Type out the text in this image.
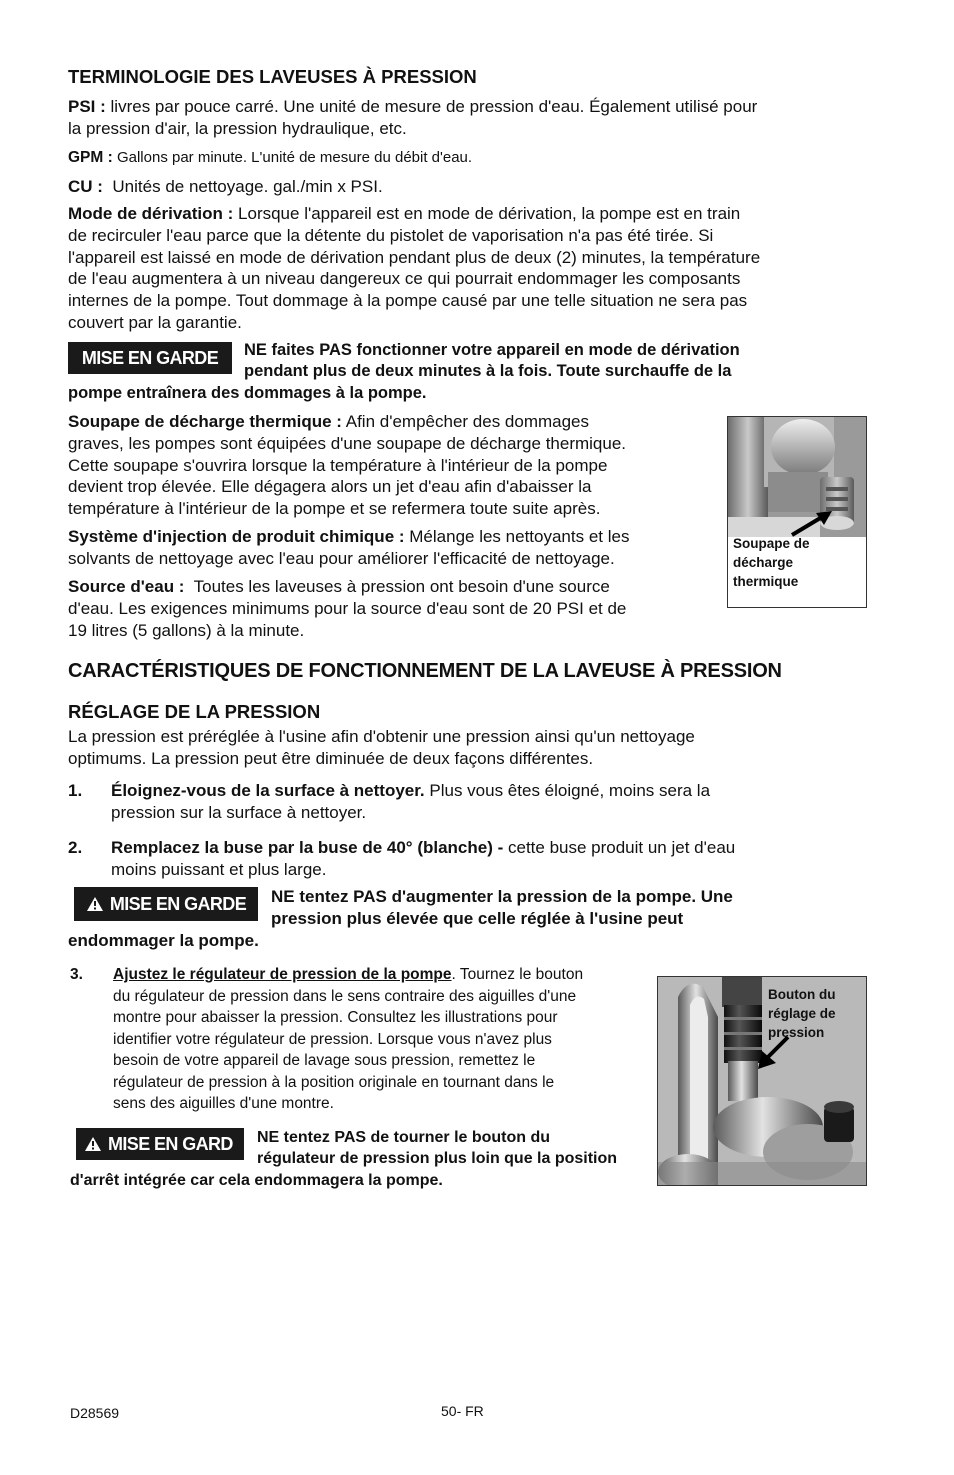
TERMINOLOGIE DES LAVEUSES À PRESSION

PSI : livres par pouce carré. Une unité de mesure de pression d'eau. Également utilisé pour
la pression d'air, la pression hydraulique, etc.

GPM : Gallons par minute. L'unité de mesure du débit d'eau.

CU : Unités de nettoyage. gal./min x PSI.

Mode de dérivation : Lorsque l'appareil est en mode de dérivation, la pompe est en train
de recirculer l'eau parce que la détente du pistolet de vaporisation n'a pas été tirée. Si
l'appareil est laissé en mode de dérivation pendant plus de deux (2) minutes, la température
de l'eau augmentera à un niveau dangereux ce qui pourrait endommager les composants
internes de la pompe. Tout dommage à la pompe causé par une telle situation ne sera pas
couvert par la garantie.

MISE EN GARDE NE faites PAS fonctionner votre appareil en mode de dérivation
pendant plus de deux minutes à la fois. Toute surchauffe de la
pompe entraînera des dommages à la pompe.

Soupape de décharge thermique : Afin d'empêcher des dommages
graves, les pompes sont équipées d'une soupape de décharge thermique.
Cette soupape s'ouvrira lorsque la température à l'intérieur de la pompe
devient trop élevée. Elle dégagera alors un jet d'eau afin d'abaisser la
température à l'intérieur de la pompe et se refermera toute suite après.

Système d'injection de produit chimique : Mélange les nettoyants et les
solvants de nettoyage avec l'eau pour améliorer l'efficacité de nettoyage.

Source d'eau : Toutes les laveuses à pression ont besoin d'une source
d'eau. Les exigences minimums pour la source d'eau sont de 20 PSI et de
19 litres (5 gallons) à la minute.

Soupape de
décharge
thermique
CARACTÉRISTIQUES DE FONCTIONNEMENT DE LA LAVEUSE À PRESSION
RÉGLAGE DE LA PRESSION

La pression est préréglée à l'usine afin d'obtenir une pression ainsi qu'un nettoyage
optimums. La pression peut être diminuée de deux façons différentes.

1. Éloignez-vous de la surface à nettoyer. Plus vous êtes éloigné, moins sera la
pression sur la surface à nettoyer.

2. Remplacez la buse par la buse de 40° (blanche) - cette buse produit un jet d'eau
moins puissant et plus large.

MISE EN GARDE NE tentez PAS d'augmenter la pression de la pompe. Une
pression plus élevée que celle réglée à l'usine peut
endommager la pompe.
3. Ajustez le régulateur de pression de la pompe. Tournez le bouton
du régulateur de pression dans le sens contraire des aiguilles d'une
montre pour abaisser la pression. Consultez les illustrations pour
identifier votre régulateur de pression. Lorsque vous n'avez plus
besoin de votre appareil de lavage sous pression, remettez le
régulateur de pression à la position originale en tournant dans le
sens des aiguilles d'une montre.

MISE EN GARD NE tentez PAS de tourner le bouton du
régulateur de pression plus loin que la position
d'arrêt intégrée car cela endommagera la pompe.
Bouton du
réglage de
pression
D28569	50- FR
